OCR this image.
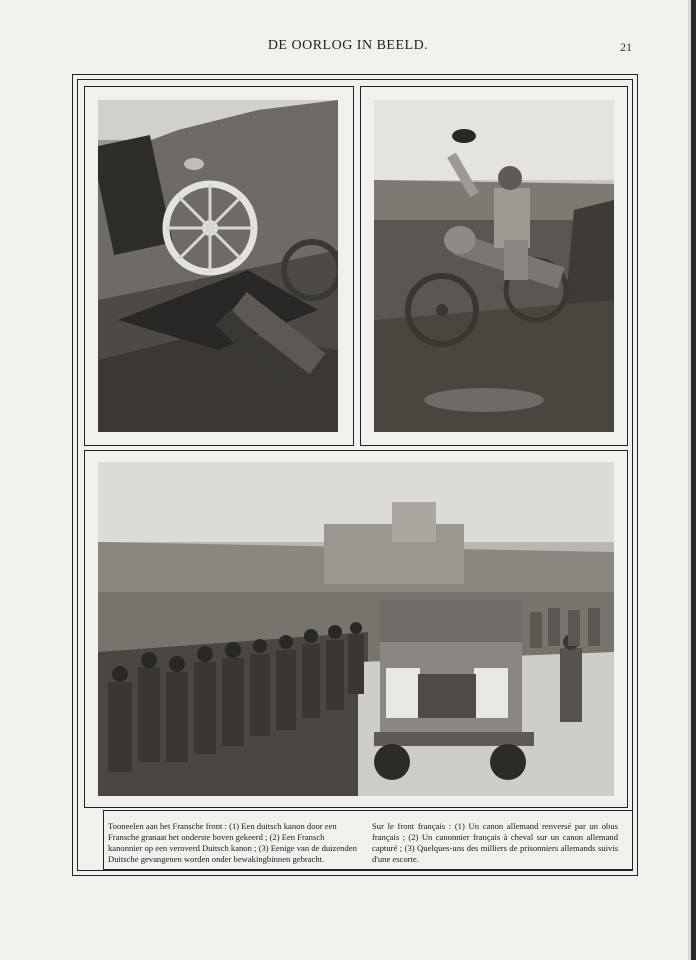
DE OORLOG IN BEELD.	21
Tooneelen aan het Fransche front : (1) Een duitsch kanon door een Fransche granaat het onderste boven gekeerd ; (2) Een Fransch kanonnier op een veroverd Duitsch kanon ; (3) Eenige van de duizenden Duitsche gevangenen worden onder bewakingbinnen gebracht.
Sur le front français : (1) Un canon allemand renversé par un obus français ; (2) Un canonnier français à cheval sur un canon allemand capturé ; (3) Quelques-uns des milliers de prisonniers allemands suivis d'une escorte.
